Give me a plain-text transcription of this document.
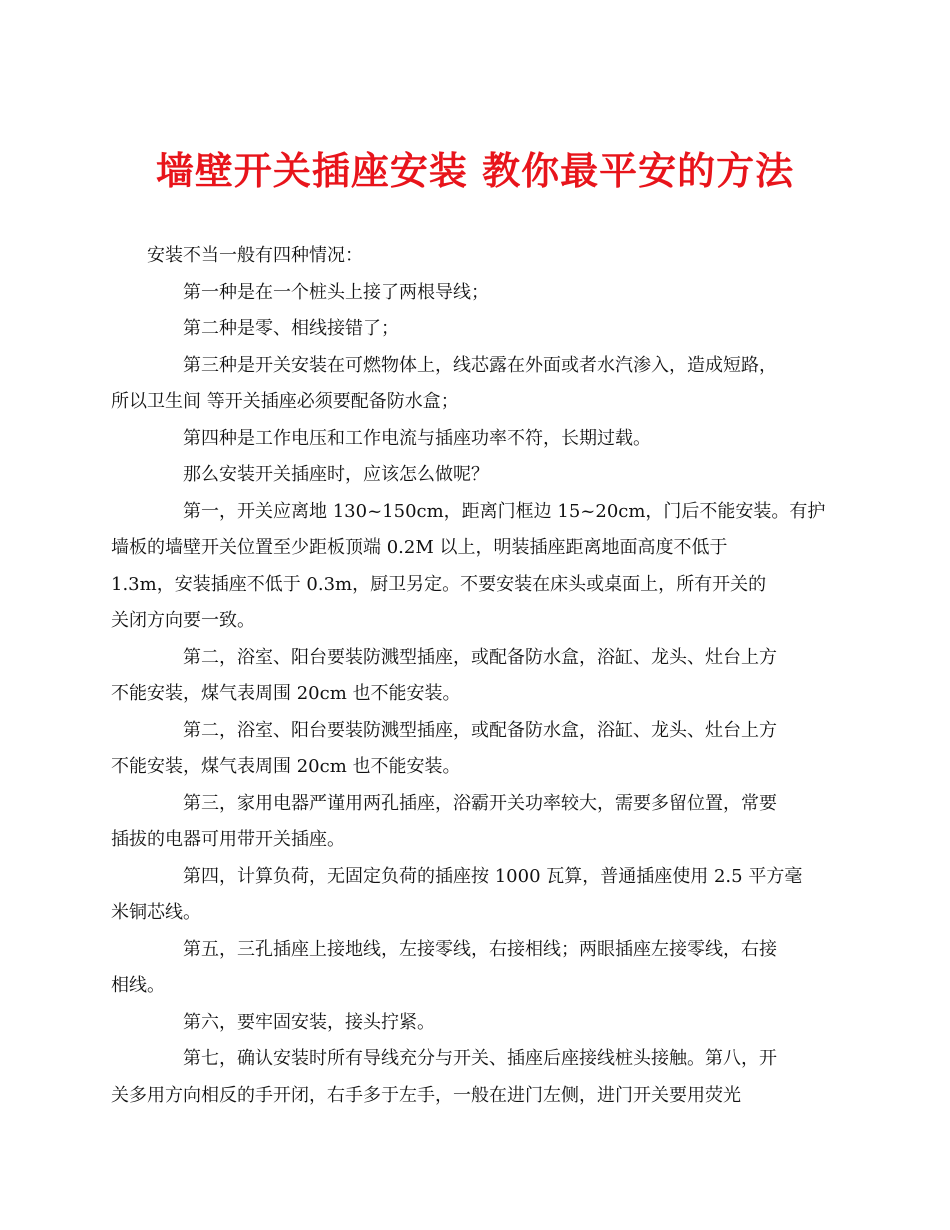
墙壁开关插座安装 教你最平安的方法

安装不当一般有四种情况：

第一种是在一个桩头上接了两根导线；

第二种是零、相线接错了；

第三种是开关安装在可燃物体上，线芯露在外面或者水汽渗入，造成短路，
所以卫生间 等开关插座必须要配备防水盒；

第四种是工作电压和工作电流与插座功率不符，长期过载。

那么安装开关插座时，应该怎么做呢？

第一，开关应离地 130~150cm，距离门框边 15~20cm，门后不能安装。有护
墙板的墙壁开关位置至少距板顶端 0.2M 以上，明装插座距离地面高度不低于
1.3m，安装插座不低于 0.3m，厨卫另定。不要安装在床头或桌面上，所有开关的
关闭方向要一致。

第二，浴室、阳台要装防溅型插座，或配备防水盒，浴缸、龙头、灶台上方
不能安装，煤气表周围 20cm 也不能安装。

第二，浴室、阳台要装防溅型插座，或配备防水盒，浴缸、龙头、灶台上方
不能安装，煤气表周围 20cm 也不能安装。

第三，家用电器严谨用两孔插座，浴霸开关功率较大，需要多留位置，常要
插拔的电器可用带开关插座。

第四，计算负荷，无固定负荷的插座按 1000 瓦算，普通插座使用 2.5 平方毫
米铜芯线。

第五，三孔插座上接地线，左接零线，右接相线；两眼插座左接零线，右接
相线。

第六，要牢固安装，接头拧紧。

第七，确认安装时所有导线充分与开关、插座后座接线桩头接触。第八，开
关多用方向相反的手开闭，右手多于左手，一般在进门左侧，进门开关要用荧光
